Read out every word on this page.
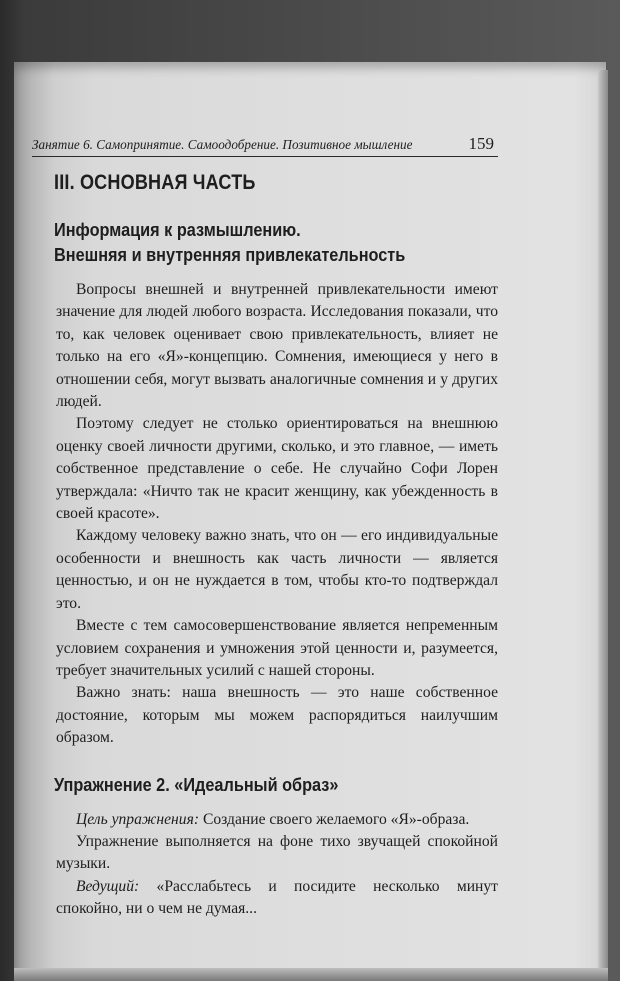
Занятие 6. Самопринятие. Самоодобрение. Позитивное мышление	159
III. ОСНОВНАЯ ЧАСТЬ
Информация к размышлению.
Внешняя и внутренняя привлекательность

Вопросы внешней и внутренней привлекательности имеют значение для людей любого возраста. Исследования показали, что то, как человек оценивает свою привлекательность, влияет не только на его «Я»-концепцию. Сомнения, имеющиеся у него в отношении себя, могут вызвать аналогичные сомнения и у других людей.

Поэтому следует не столько ориентироваться на внешнюю оценку своей личности другими, сколько, и это главное, — иметь собственное представление о себе. Не случайно Софи Лорен утверждала: «Ничто так не красит женщину, как убежденность в своей красоте».

Каждому человеку важно знать, что он — его индивидуальные особенности и внешность как часть личности — является ценностью, и он не нуждается в том, чтобы кто-то подтверждал это.

Вместе с тем самосовершенствование является непременным условием сохранения и умножения этой ценности и, разумеется, требует значительных усилий с нашей стороны.

Важно знать: наша внешность — это наше собственное достояние, которым мы можем распорядиться наилучшим образом.

Упражнение 2. «Идеальный образ»

Цель упражнения: Создание своего желаемого «Я»-образа.

Упражнение выполняется на фоне тихо звучащей спокойной музыки.

Ведущий: «Расслабьтесь и посидите несколько минут спокойно, ни о чем не думая...
